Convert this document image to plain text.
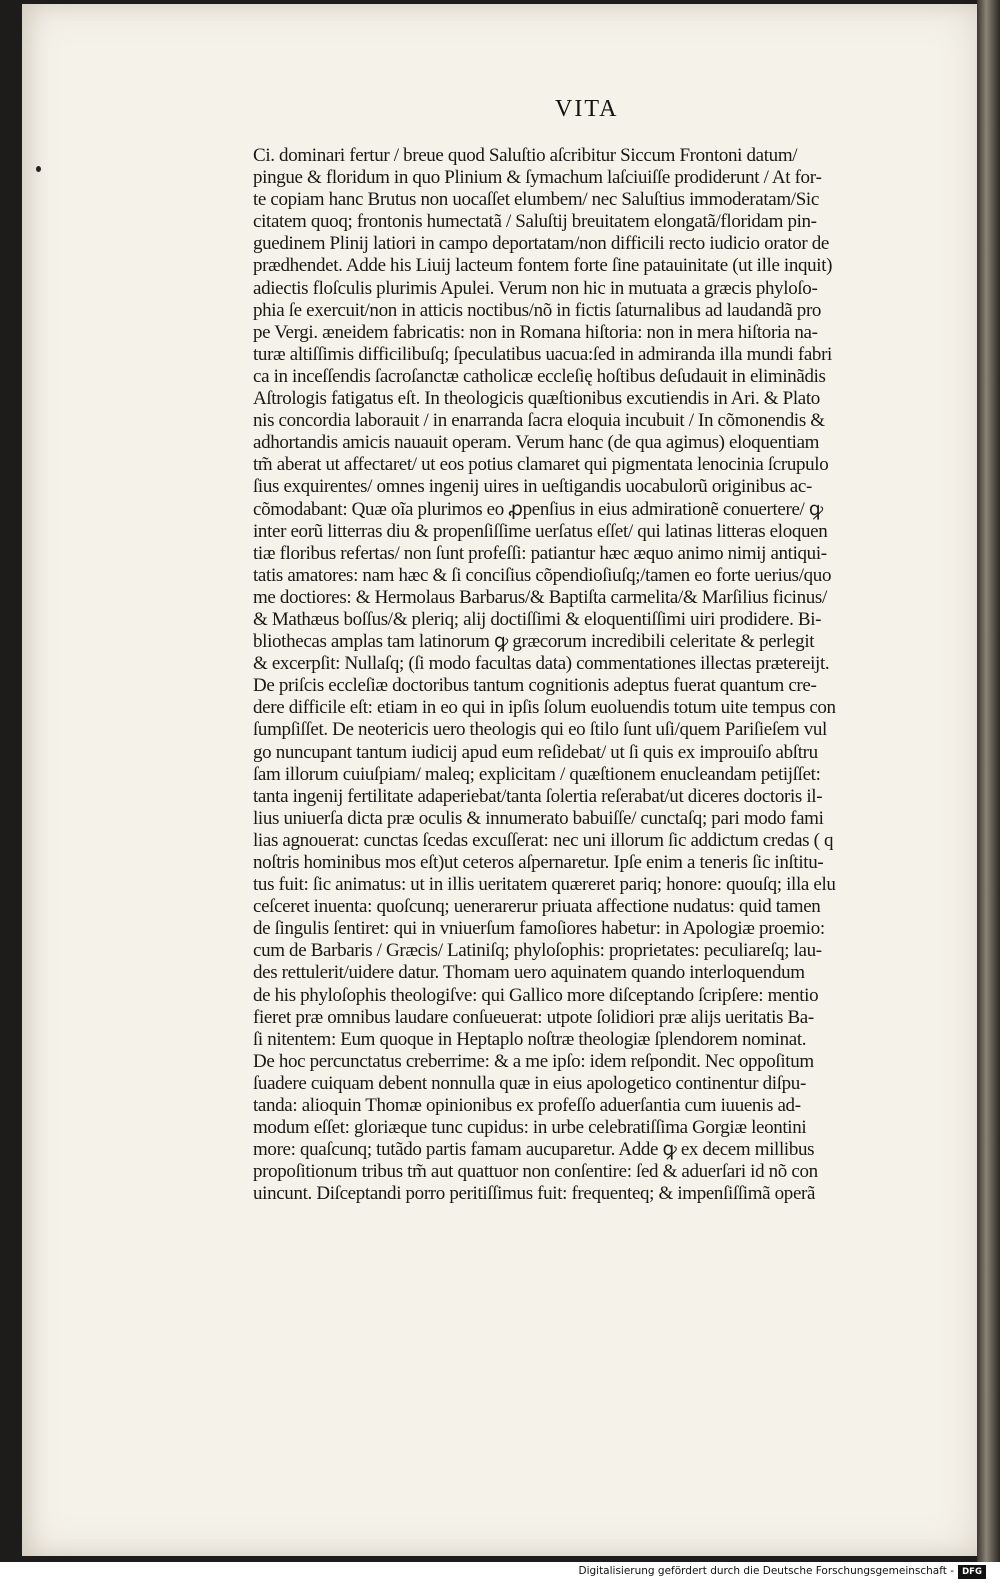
VITA
Ci. dominari fertur / breue quod Saluſtio aſcribitur Siccum Frontoni datum/
pingue & floridum in quo Plinium & ſymachum laſciuiſſe prodiderunt / At for‑
te copiam hanc Brutus non uocaſſet elumbem/ nec Saluſtius immoderatam/Sic
citatem quoq; frontonis humectatã / Saluſtij breuitatem elongatã/floridam pin‑
guedinem Plinij latiori in campo deportatam/non difficili recto iudicio orator de
prædhendet. Adde his Liuij lacteum fontem forte ſine patauinitate (ut ille inquit)
adiectis floſculis plurimis Apulei. Verum non hic in mutuata a græcis phyloſo‑
phia ſe exercuit/non in atticis noctibus/nõ in fictis ſaturnalibus ad laudandã pro
pe Vergi. æneidem fabricatis: non in Romana hiſtoria: non in mera hiſtoria na‑
turæ altiſſimis difficilibuſq; ſpeculatibus uacua:ſed in admiranda illa mundi fabri
ca in inceſſendis ſacroſanctæ catholicæ eccleſię hoſtibus deſudauit in eliminãdis
Aſtrologis fatigatus eſt. In theologicis quæſtionibus excutiendis in Ari. & Plato
nis concordia laborauit / in enarranda ſacra eloquia incubuit / In cõmonendis &
adhortandis amicis nauauit operam. Verum hanc (de qua agimus) eloquentiam
tm̃ aberat ut affectaret/ ut eos potius clamaret qui pigmentata lenocinia ſcrupulo
ſius exquirentes/ omnes ingenij uires in ueſtigandis uocabulorũ originibus ac‑
cõmodabant: Quæ oĩa plurimos eo ꝓpenſius in eius admirationẽ conuertere/ ꝙ
inter eorũ litterras diu & propenſiſſime uerſatus eſſet/ qui latinas litteras eloquen
tiæ floribus refertas/ non ſunt profeſſi: patiantur hæc æquo animo nimij antiqui‑
tatis amatores: nam hæc & ſi conciſius cõpendioſiuſq;/tamen eo forte uerius/quo
me doctiores: & Hermolaus Barbarus/& Baptiſta carmelita/& Marſilius ficinus/
& Mathæus boſſus/& pleriq; alij doctiſſimi & eloquentiſſimi uiri prodidere. Bi‑
bliothecas amplas tam latinorum ꝙ græcorum incredibili celeritate & perlegit
& excerpſit: Nullaſq; (ſi modo facultas data) commentationes illectas prætereijt.
De priſcis eccleſiæ doctoribus tantum cognitionis adeptus fuerat quantum cre‑
dere difficile eſt: etiam in eo qui in ipſis ſolum euoluendis totum uite tempus con
ſumpſiſſet. De neotericis uero theologis qui eo ſtilo ſunt uſi/quem Pariſieſem vul
go nuncupant tantum iudicij apud eum reſidebat/ ut ſi quis ex improuiſo abſtru
ſam illorum cuiuſpiam/ maleq; explicitam / quæſtionem enucleandam petijſſet:
tanta ingenij fertilitate adaperiebat/tanta ſolertia reſerabat/ut diceres doctoris il‑
lius uniuerſa dicta præ oculis & innumerato babuiſſe/ cunctaſq; pari modo fami
lias agnouerat: cunctas ſcedas excuſſerat: nec uni illorum ſic addictum credas ( q
noſtris hominibus mos eſt)ut ceteros aſpernaretur. Ipſe enim a teneris ſic inſtitu‑
tus fuit: ſic animatus: ut in illis ueritatem quæreret pariq; honore: quouſq; illa elu
ceſceret inuenta: quoſcunq; uenerarerur priuata affectione nudatus: quid tamen
de ſingulis ſentiret: qui in vniuerſum famoſiores habetur: in Apologiæ proemio:
cum de Barbaris / Græcis/ Latiniſq; phyloſophis: proprietates: peculiareſq; lau‑
des rettulerit/uidere datur. Thomam uero aquinatem quando interloquendum
de his phyloſophis theologiſve: qui Gallico more diſceptando ſcripſere: mentio
fieret præ omnibus laudare conſueuerat: utpote ſolidiori præ alijs ueritatis Ba‑
ſi nitentem: Eum quoque in Heptaplo noſtræ theologiæ ſplendorem nominat.
De hoc percunctatus creberrime: & a me ipſo: idem reſpondit. Nec oppoſitum
ſuadere cuiquam debent nonnulla quæ in eius apologetico continentur diſpu‑
tanda: alioquin Thomæ opinionibus ex profeſſo aduerſantia cum iuuenis ad‑
modum eſſet: gloriæque tunc cupidus: in urbe celebratiſſima Gorgiæ leontini
more: quaſcunq; tutãdo partis famam aucuparetur. Adde ꝙ ex decem millibus
propoſitionum tribus tm̃ aut quattuor non conſentire: ſed & aduerſari id nõ con
uincunt. Diſceptandi porro peritiſſimus fuit: frequenteq; & impenſiſſimã operã
Digitalisierung gefördert durch die Deutsche Forschungsgemeinschaft - DFG
